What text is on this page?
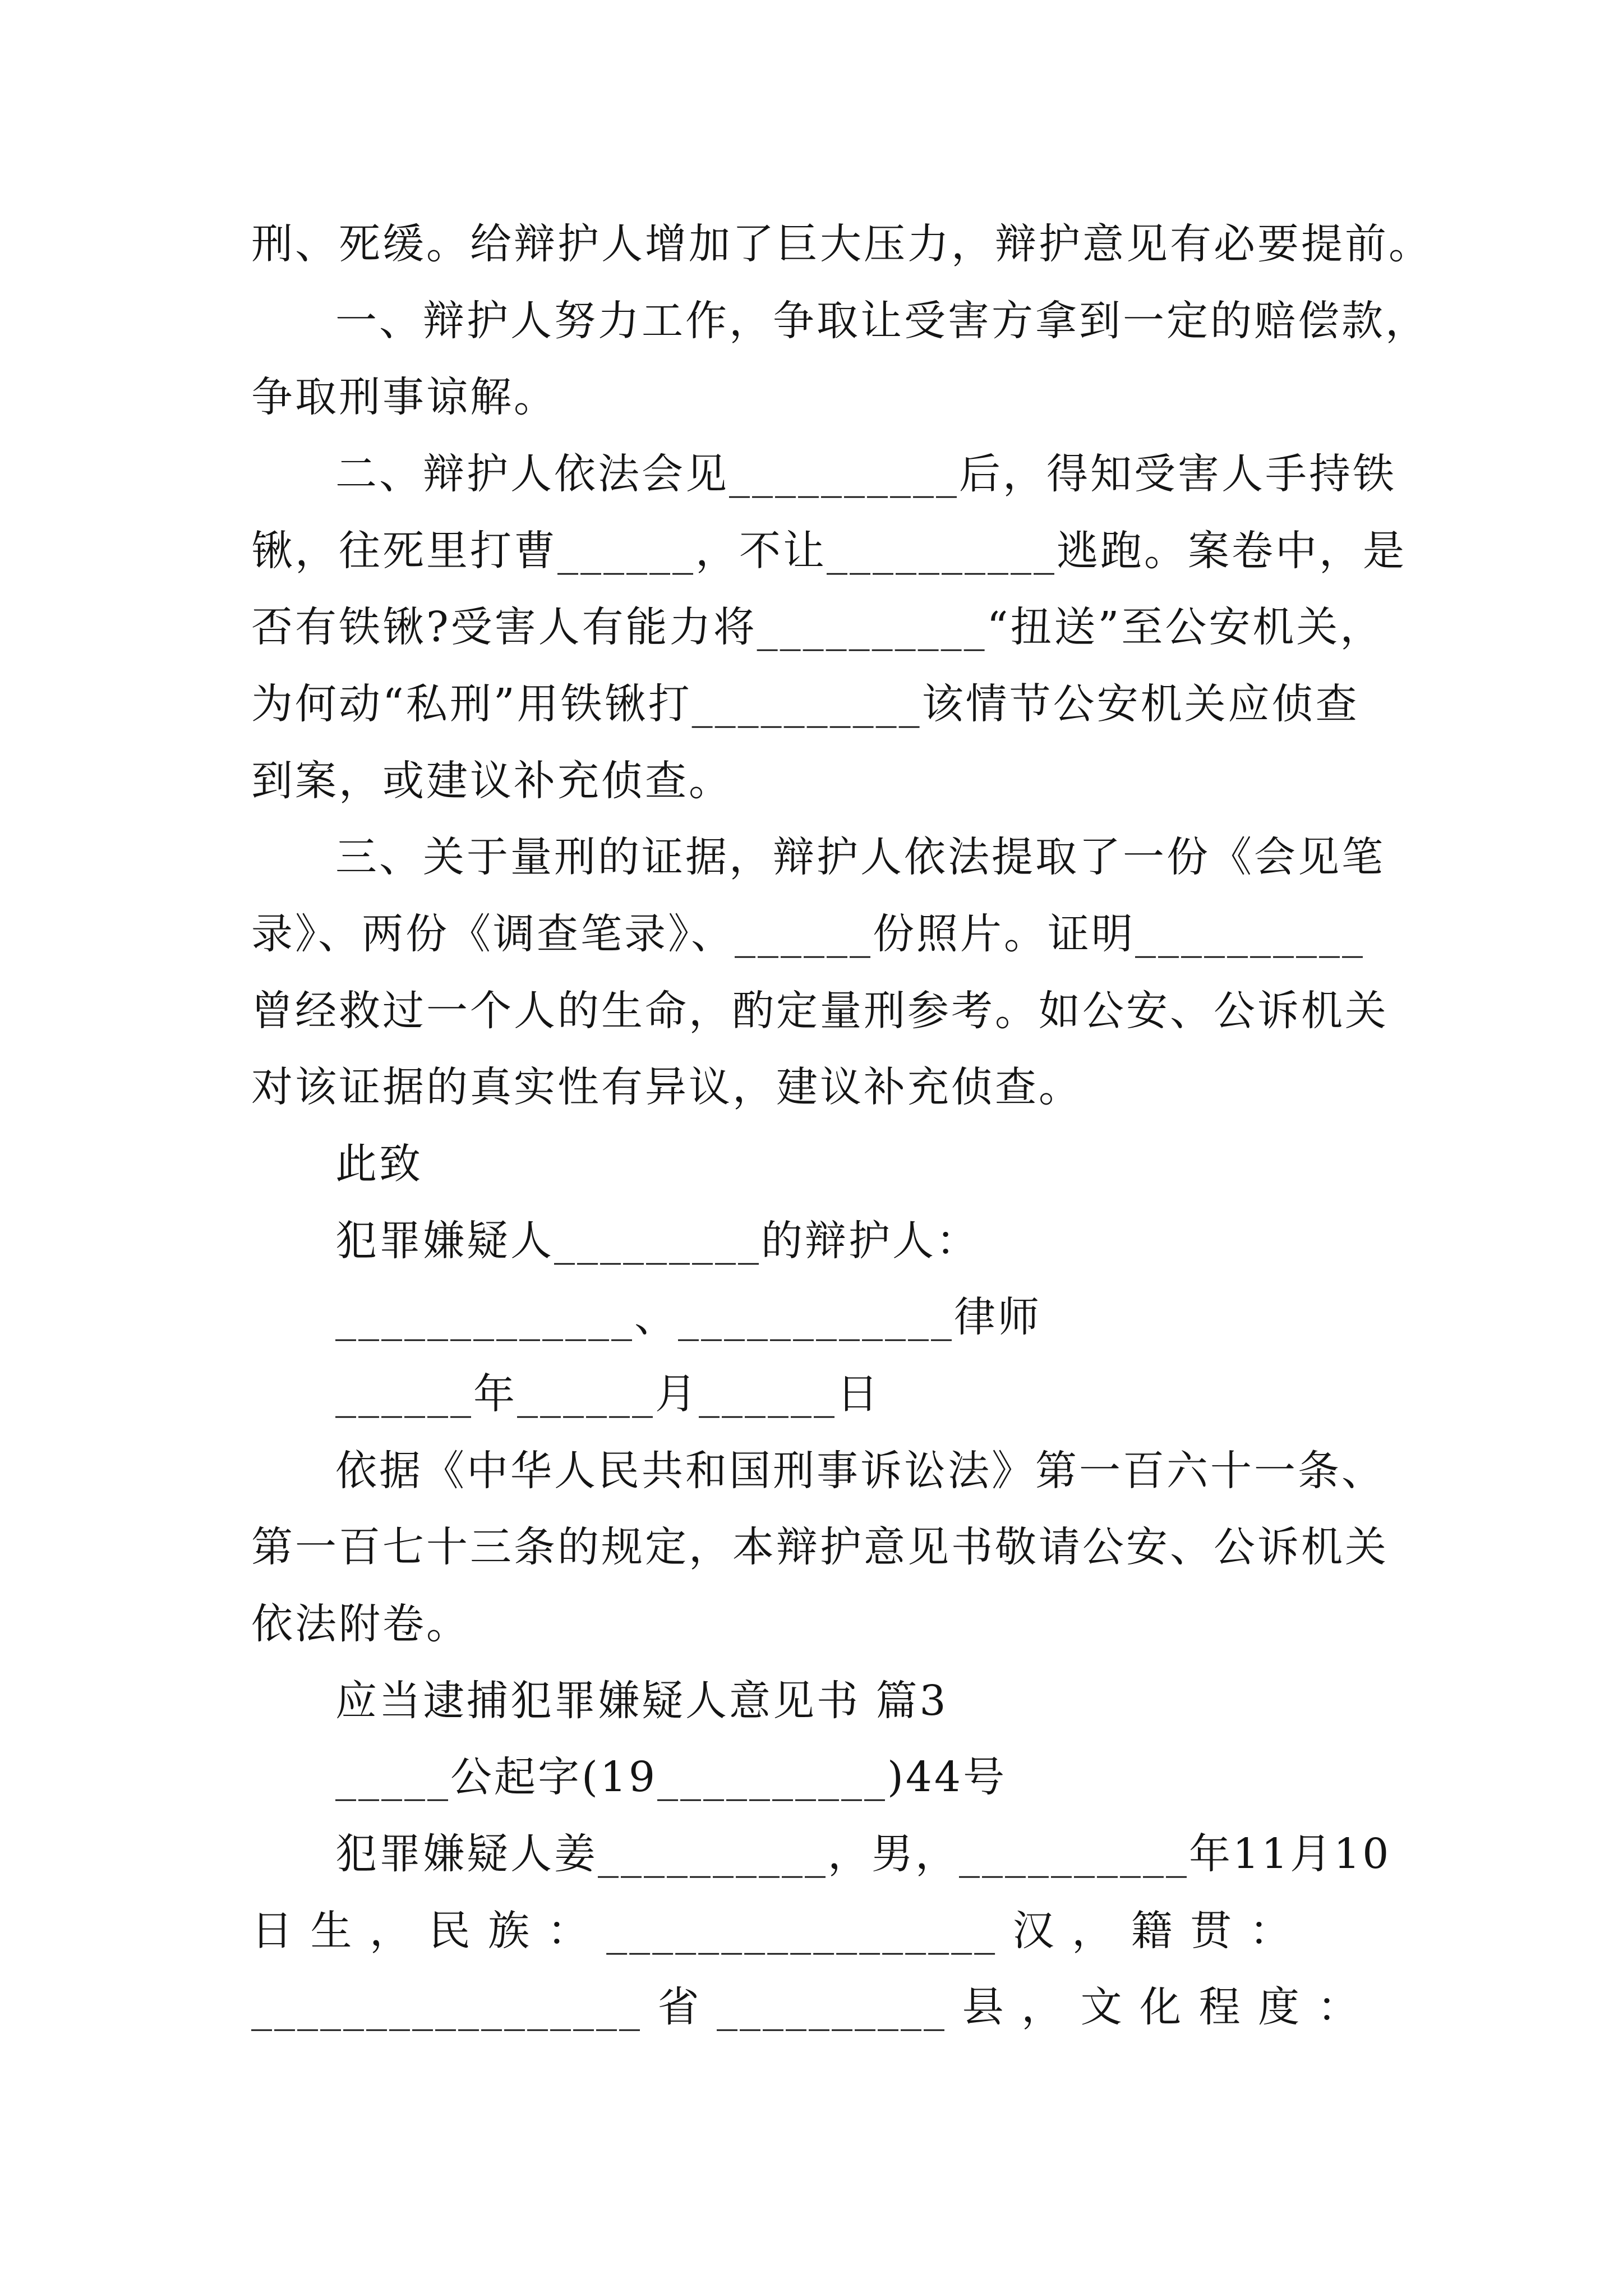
刑、死缓。给辩护人增加了巨大压力，辩护意见有必要提前。
一、辩护人努力工作，争取让受害方拿到一定的赔偿款，
争取刑事谅解。
二、辩护人依法会见__________后，得知受害人手持铁
锹，往死里打曹______，不让__________逃跑。案卷中，是
否有铁锹?受害人有能力将__________“扭送”至公安机关，
为何动“私刑”用铁锹打__________该情节公安机关应侦查
到案，或建议补充侦查。
三、关于量刑的证据，辩护人依法提取了一份《会见笔
录》、两份《调查笔录》、______份照片。证明__________
曾经救过一个人的生命，酌定量刑参考。如公安、公诉机关
对该证据的真实性有异议，建议补充侦查。
此致
犯罪嫌疑人_________的辩护人：
_____________、____________律师
______年______月______日
依据《中华人民共和国刑事诉讼法》第一百六十一条、
第一百七十三条的规定，本辩护意见书敬请公安、公诉机关
依法附卷。
应当逮捕犯罪嫌疑人意见书 篇3
_____公起字(19__________)44号
犯罪嫌疑人姜__________，男，__________年11月10
日 生 ， 民 族 ： _________________ 汉 ， 籍 贯 ：
_________________ 省 __________ 县 ， 文 化 程 度 ：
